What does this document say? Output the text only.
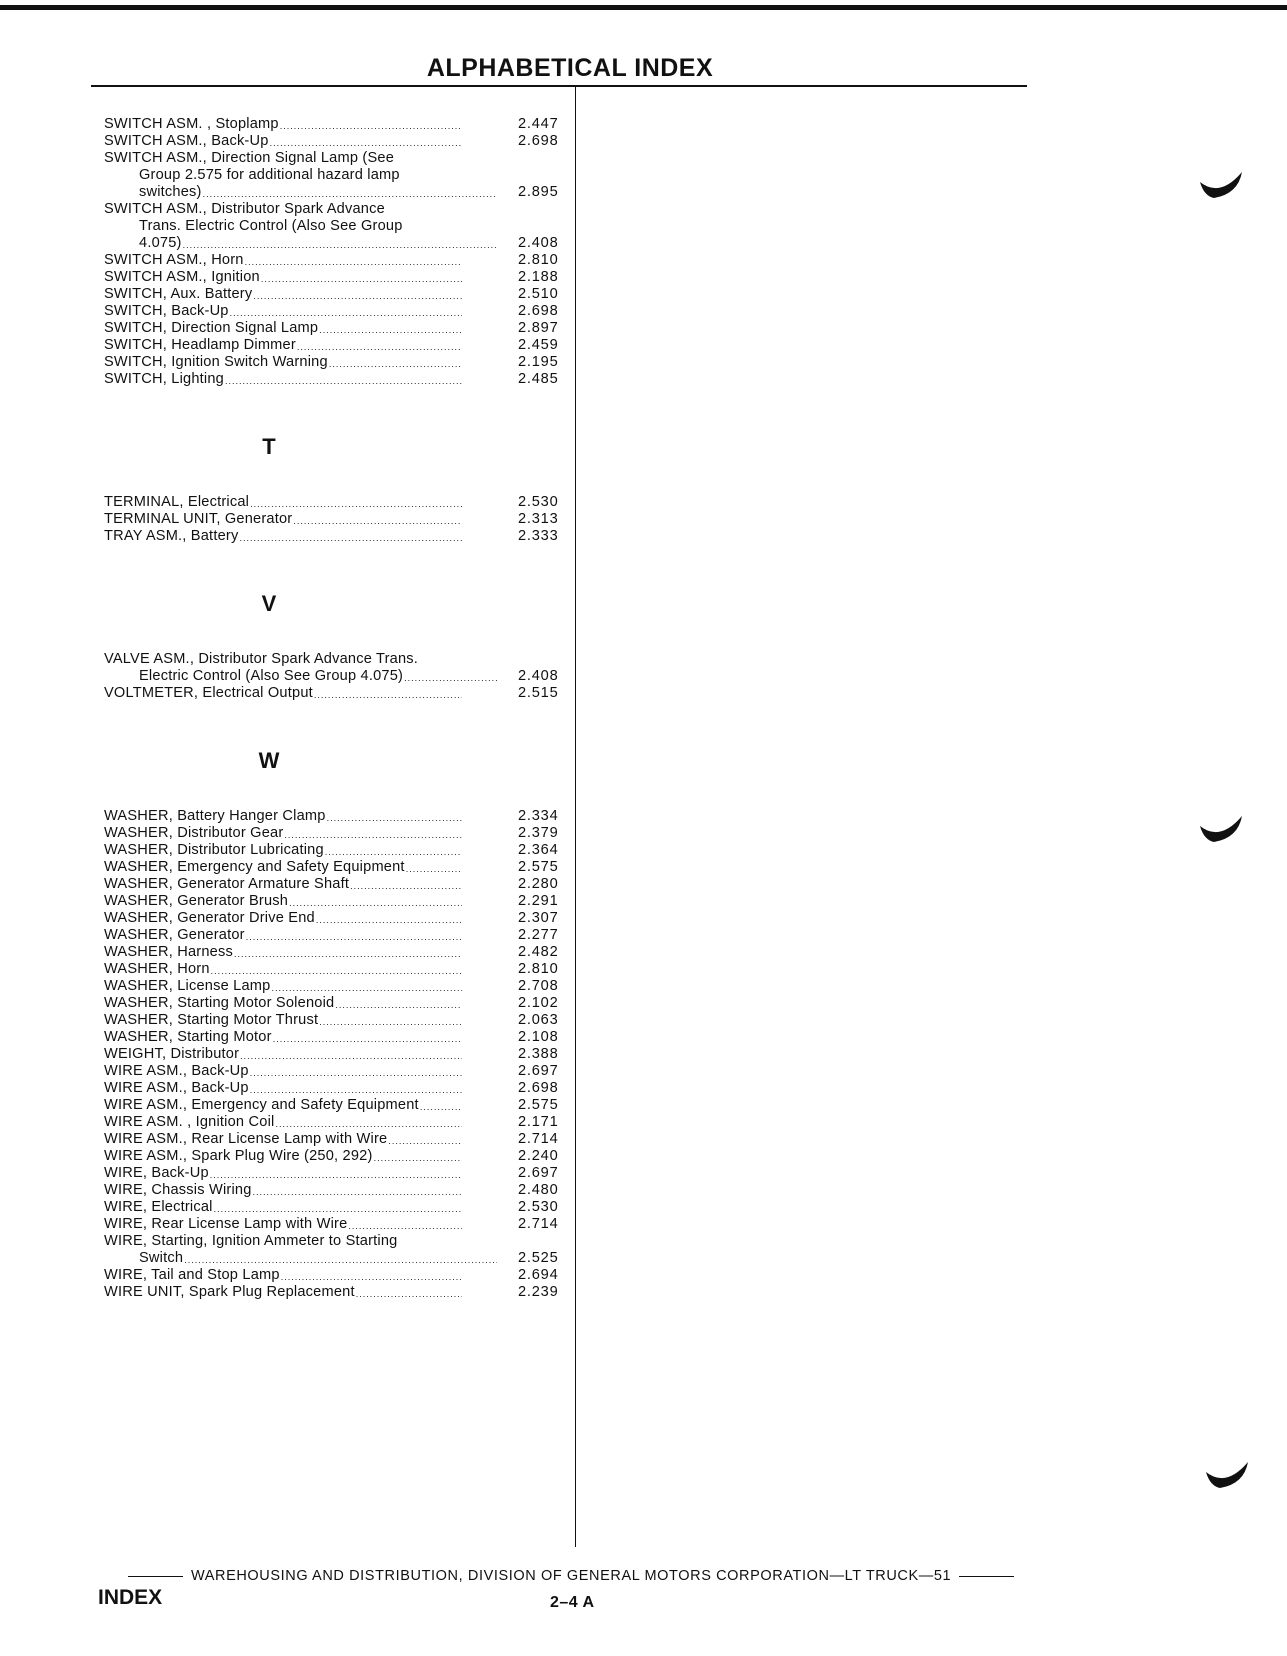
ALPHABETICAL INDEX
SWITCH ASM. , Stoplamp .....	2.447
SWITCH ASM., Back-Up .....	2.698
SWITCH ASM., Direction Signal Lamp (See
Group 2.575 for additional hazard lamp
switches) .....	2.895
SWITCH ASM., Distributor Spark Advance
Trans. Electric Control (Also See Group
4.075) .....	2.408
SWITCH ASM., Horn .....	2.810
SWITCH ASM., Ignition .....	2.188
SWITCH, Aux. Battery .....	2.510
SWITCH, Back-Up .....	2.698
SWITCH, Direction Signal Lamp .....	2.897
SWITCH, Headlamp Dimmer .....	2.459
SWITCH, Ignition Switch Warning .....	2.195
SWITCH, Lighting .....	2.485
T
TERMINAL, Electrical .....	2.530
TERMINAL UNIT, Generator .....	2.313
TRAY ASM., Battery .....	2.333
V
VALVE ASM., Distributor Spark Advance Trans.
Electric Control (Also See Group 4.075) .....	2.408
VOLTMETER, Electrical Output .....	2.515
W
WASHER, Battery Hanger Clamp .....	2.334
WASHER, Distributor Gear .....	2.379
WASHER, Distributor Lubricating .....	2.364
WASHER, Emergency and Safety Equipment .....	2.575
WASHER, Generator Armature Shaft .....	2.280
WASHER, Generator Brush .....	2.291
WASHER, Generator Drive End .....	2.307
WASHER, Generator .....	2.277
WASHER, Harness .....	2.482
WASHER, Horn .....	2.810
WASHER, License Lamp .....	2.708
WASHER, Starting Motor Solenoid .....	2.102
WASHER, Starting Motor Thrust .....	2.063
WASHER, Starting Motor .....	2.108
WEIGHT, Distributor .....	2.388
WIRE ASM., Back-Up .....	2.697
WIRE ASM., Back-Up .....	2.698
WIRE ASM., Emergency and Safety Equipment .....	2.575
WIRE ASM. , Ignition Coil .....	2.171
WIRE ASM., Rear License Lamp with Wire .....	2.714
WIRE ASM., Spark Plug Wire (250, 292) .....	2.240
WIRE, Back-Up .....	2.697
WIRE, Chassis Wiring .....	2.480
WIRE, Electrical .....	2.530
WIRE, Rear License Lamp with Wire .....	2.714
WIRE, Starting, Ignition Ammeter to Starting
Switch .....	2.525
WIRE, Tail and Stop Lamp .....	2.694
WIRE UNIT, Spark Plug Replacement .....	2.239
WAREHOUSING AND DISTRIBUTION, DIVISION OF GENERAL MOTORS CORPORATION—LT TRUCK—51
INDEX	2–4 A
